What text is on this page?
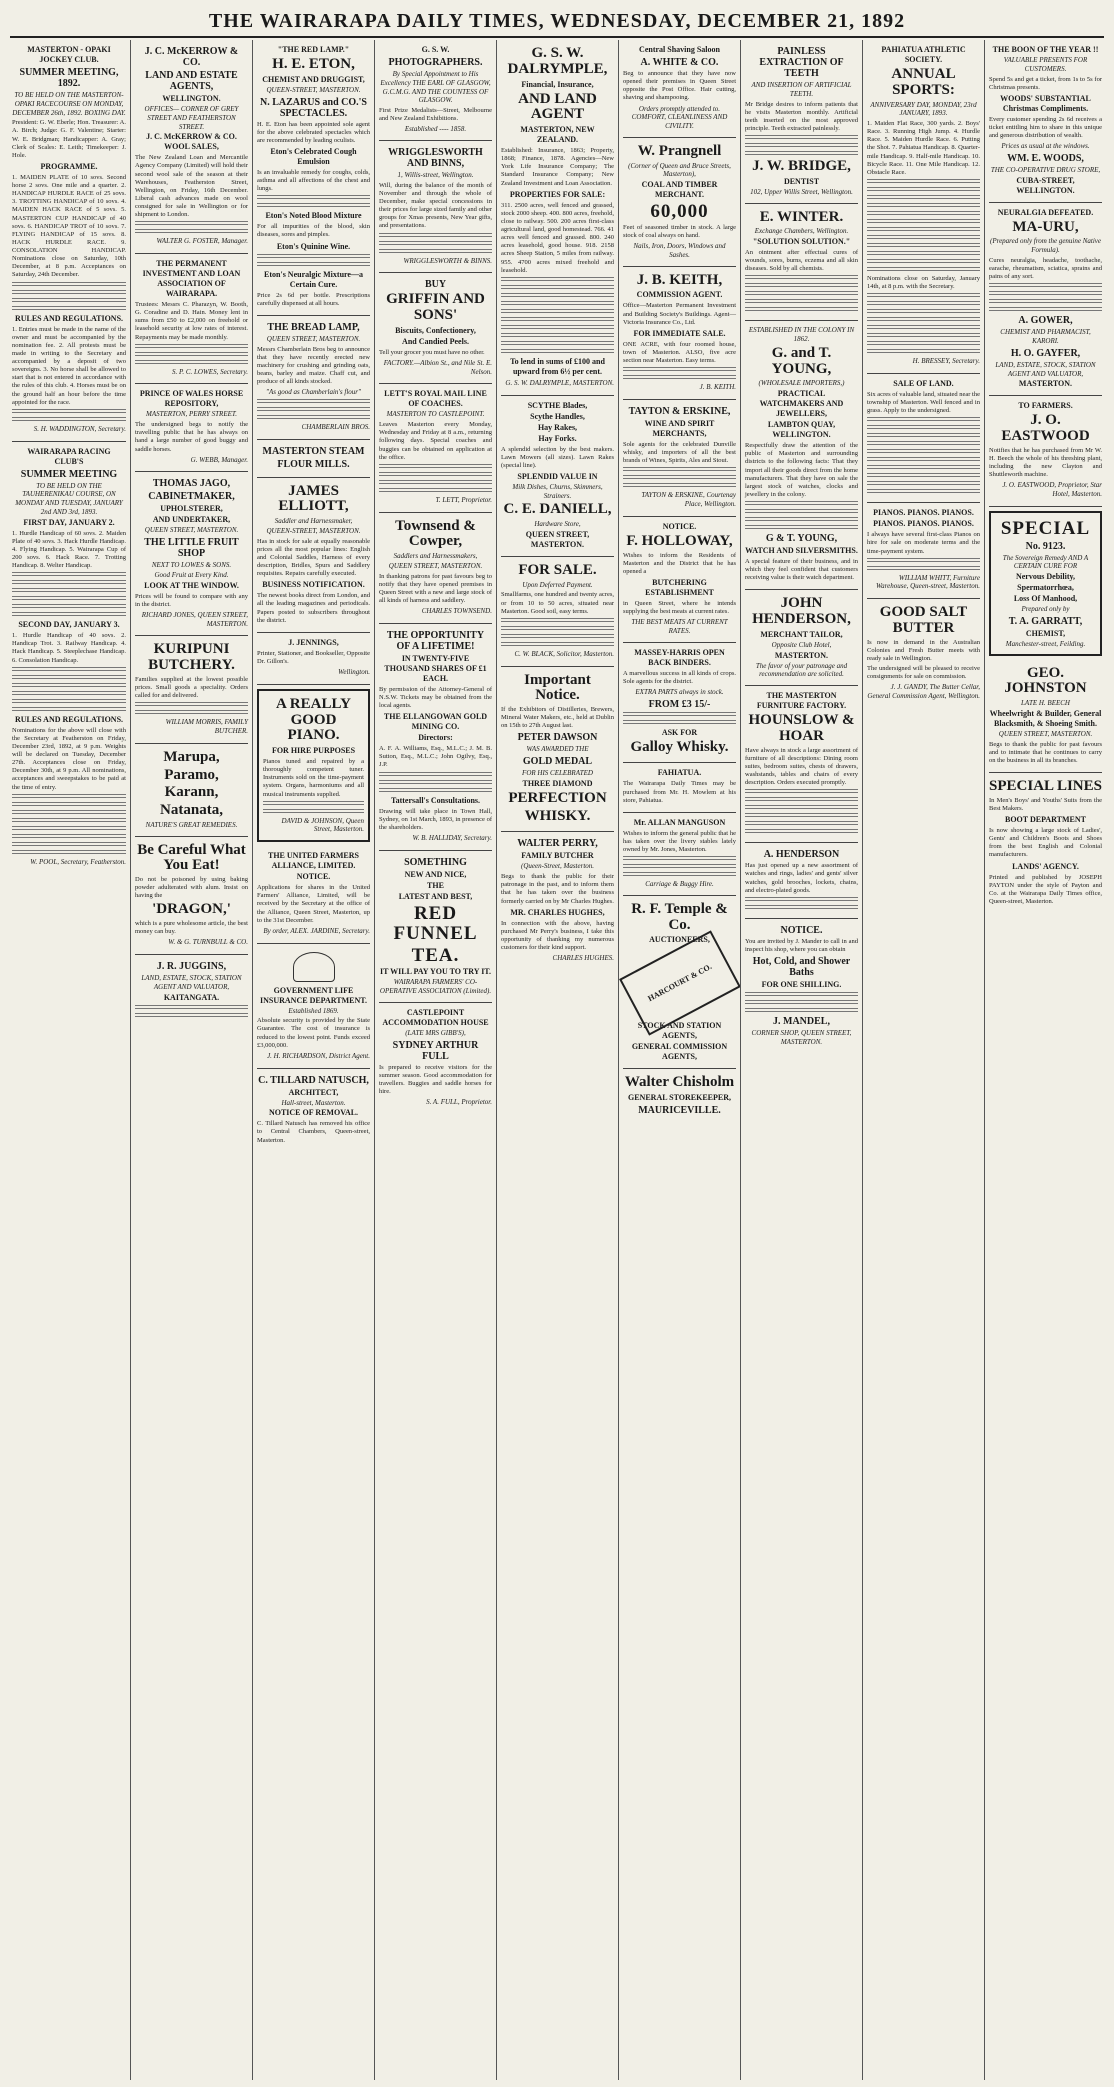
THE WAIRARAPA DAILY TIMES, WEDNESDAY, DECEMBER 21, 1892
MASTERTON - OPAKI JOCKEY CLUB.
SUMMER MEETING, 1892.
TO BE HELD ON THE MASTERTON-OPAKI RACECOURSE ON MONDAY, DECEMBER 26th, 1892. BOXING DAY.
President: G. W. Eberle; Hon. Treasurer: A. A. Birch; Judge: G. F. Valentine; Starter: W. E. Bridgman; Handicapper: A. Gray; Clerk of Scales: E. Leith; Timekeeper: J. Hole.
PROGRAMME.
1. MAIDEN PLATE of 10 sovs. Second horse 2 sovs. One mile and a quarter. 2. HANDICAP HURDLE RACE of 25 sovs. 3. TROTTING HANDICAP of 10 sovs. 4. MAIDEN HACK RACE of 5 sovs. 5. MASTERTON CUP HANDICAP of 40 sovs. 6. HANDICAP TROT of 10 sovs. 7. FLYING HANDICAP of 15 sovs. 8. HACK HURDLE RACE. 9. CONSOLATION HANDICAP. Nominations close on Saturday, 10th December, at 8 p.m. Acceptances on Saturday, 24th December.
RULES AND REGULATIONS.
1. Entries must be made in the name of the owner and must be accompanied by the nomination fee. 2. All protests must be made in writing to the Secretary and accompanied by a deposit of two sovereigns. 3. No horse shall be allowed to start that is not entered in accordance with the rules of this club. 4. Horses must be on the ground half an hour before the time appointed for the race.
S. H. WADDINGTON, Secretary.
WAIRARAPA RACING CLUB'S
SUMMER MEETING
TO BE HELD ON THE TAUHERENIKAU COURSE, ON MONDAY AND TUESDAY, JANUARY 2nd AND 3rd, 1893.
FIRST DAY, JANUARY 2.
1. Hurdle Handicap of 60 sovs. 2. Maiden Plate of 40 sovs. 3. Hack Hurdle Handicap. 4. Flying Handicap. 5. Wairarapa Cup of 200 sovs. 6. Hack Race. 7. Trotting Handicap. 8. Welter Handicap.
SECOND DAY, JANUARY 3.
1. Hurdle Handicap of 40 sovs. 2. Handicap Trot. 3. Railway Handicap. 4. Hack Handicap. 5. Steeplechase Handicap. 6. Consolation Handicap.
RULES AND REGULATIONS.
Nominations for the above will close with the Secretary at Featherston on Friday, December 23rd, 1892, at 9 p.m. Weights will be declared on Tuesday, December 27th. Acceptances close on Friday, December 30th, at 9 p.m. All nominations, acceptances and sweepstakes to be paid at the time of entry.
W. POOL, Secretary, Featherston.
J. C. McKERROW & CO.
LAND AND ESTATE AGENTS,
WELLINGTON.
OFFICES— CORNER OF GREY STREET AND FEATHERSTON STREET.
J. C. McKERROW & CO. WOOL SALES,
The New Zealand Loan and Mercantile Agency Company (Limited) will hold their second wool sale of the season at their Warehouses, Featherston Street, Wellington, on Friday, 16th December. Liberal cash advances made on wool consigned for sale in Wellington or for shipment to London.
WALTER G. FOSTER, Manager.
THE PERMANENT INVESTMENT AND LOAN ASSOCIATION OF WAIRARAPA.
Trustees: Messrs C. Pharazyn, W. Booth, G. Coradine and D. Hain. Money lent in sums from £50 to £2,000 on freehold or leasehold security at low rates of interest. Repayments may be made monthly.
S. P. C. LOWES, Secretary.
PRINCE OF WALES HORSE REPOSITORY,
MASTERTON, PERRY STREET.
The undersigned begs to notify the travelling public that he has always on hand a large number of good buggy and saddle horses.
G. WEBB, Manager.
THOMAS JAGO,
CABINETMAKER,
UPHOLSTERER,
AND UNDERTAKER,
QUEEN STREET, MASTERTON.
THE LITTLE FRUIT SHOP
NEXT TO LOWES & SONS.
Good Fruit at Every Kind.
LOOK AT THE WINDOW.
Prices will be found to compare with any in the district.
RICHARD JONES, QUEEN STREET, MASTERTON.
KURIPUNI BUTCHERY.
Families supplied at the lowest possible prices. Small goods a speciality. Orders called for and delivered.
WILLIAM MORRIS, FAMILY BUTCHER.
Marupa,
Paramo,
Karann,
Natanata,
NATURE'S GREAT REMEDIES.
Be Careful What You Eat!
Do not be poisoned by using baking powder adulterated with alum. Insist on having the
'DRAGON,'
which is a pure wholesome article, the best money can buy.
W. & G. TURNBULL & CO.
J. R. JUGGINS,
LAND, ESTATE, STOCK, STATION AGENT AND VALUATOR,
KAITANGATA.
"THE RED LAMP."
H. E. ETON,
CHEMIST AND DRUGGIST,
QUEEN-STREET, MASTERTON.
N. LAZARUS and CO.'S SPECTACLES.
H. E. Eton has been appointed sole agent for the above celebrated spectacles which are recommended by leading oculists.
Eton's Celebrated Cough Emulsion
Is an invaluable remedy for coughs, colds, asthma and all affections of the chest and lungs.
Eton's Noted Blood Mixture
For all impurities of the blood, skin diseases, sores and pimples.
Eton's Quinine Wine.
Eton's Neuralgic Mixture—a Certain Cure.
Price 2s 6d per bottle. Prescriptions carefully dispensed at all hours.
THE BREAD LAMP,
QUEEN STREET, MASTERTON.
Messrs Chamberlain Bros beg to announce that they have recently erected new machinery for crushing and grinding oats, beans, barley and maize. Chaff cut, and produce of all kinds stocked.
"As good as Chamberlain's flour"
CHAMBERLAIN BROS.
MASTERTON STEAM
FLOUR MILLS.
JAMES ELLIOTT,
Saddler and Harnessmaker,
QUEEN-STREET, MASTERTON.
Has in stock for sale at equally reasonable prices all the most popular lines: English and Colonial Saddles, Harness of every description, Bridles, Spurs and Saddlery requisites. Repairs carefully executed.
BUSINESS NOTIFICATION.
The newest books direct from London, and all the leading magazines and periodicals. Papers posted to subscribers throughout the district.
J. JENNINGS,
Printer, Stationer, and Bookseller, Opposite Dr. Gillon's.
Wellington.
A REALLY GOOD PIANO.
FOR HIRE PURPOSES
Pianos tuned and repaired by a thoroughly competent tuner. Instruments sold on the time-payment system. Organs, harmoniums and all musical instruments supplied.
DAVID & JOHNSON, Queen Street, Masterton.
THE UNITED FARMERS ALLIANCE, LIMITED.
NOTICE.
Applications for shares in the United Farmers' Alliance, Limited, will be received by the Secretary at the office of the Alliance, Queen Street, Masterton, up to the 31st December.
By order, ALEX. JARDINE, Secretary.
GOVERNMENT LIFE INSURANCE DEPARTMENT.
Established 1869.
Absolute security is provided by the State Guarantee. The cost of insurance is reduced to the lowest point. Funds exceed £3,000,000.
J. H. RICHARDSON, District Agent.
C. TILLARD NATUSCH,
ARCHITECT,
Hall-street, Masterton.
NOTICE OF REMOVAL.
C. Tillard Natusch has removed his office to Central Chambers, Queen-street, Masterton.
G. S. W.
PHOTOGRAPHERS.
By Special Appointment to His Excellency THE EARL OF GLASGOW, G.C.M.G. AND THE COUNTESS OF GLASGOW.
First Prize Medalists—Street, Melbourne and New Zealand Exhibitions.
Established ---- 1858.
WRIGGLESWORTH AND BINNS,
1, Willis-street, Wellington.
Will, during the balance of the month of November and through the whole of December, make special concessions in their prices for large sized family and other groups for Xmas presents, New Year gifts, and presentations.
WRIGGLESWORTH & BINNS.
BUY
GRIFFIN AND SONS'
Biscuits, Confectionery,
And Candied Peels.
Tell your grocer you must have no other.
FACTORY.—Albion St., and Nile St. E. Nelson.
LETT'S ROYAL MAIL LINE OF COACHES.
MASTERTON TO CASTLEPOINT.
Leaves Masterton every Monday, Wednesday and Friday at 8 a.m., returning following days. Special coaches and buggies can be obtained on application at the office.
T. LETT, Proprietor.
Townsend & Cowper,
Saddlers and Harnessmakers,
QUEEN STREET, MASTERTON.
In thanking patrons for past favours beg to notify that they have opened premises in Queen Street with a new and large stock of all kinds of harness and saddlery.
CHARLES TOWNSEND.
THE OPPORTUNITY OF A LIFETIME!
IN TWENTY-FIVE THOUSAND SHARES OF £1 EACH.
By permission of the Attorney-General of N.S.W. Tickets may be obtained from the local agents.
THE ELLANGOWAN GOLD MINING CO.
Directors:
A. F. A. Williams, Esq., M.L.C.; J. M. B. Sutton, Esq., M.L.C.; John Ogilvy, Esq., J.P.
Tattersall's Consultations.
Drawing will take place in Town Hall, Sydney, on 1st March, 1893, in presence of the shareholders.
W. B. HALLIDAY, Secretary.
SOMETHING
NEW AND NICE,
THE
LATEST AND BEST,
RED FUNNEL
TEA.
IT WILL PAY YOU TO TRY IT.
WAIRARAPA FARMERS' CO-OPERATIVE ASSOCIATION (Limited).
CASTLEPOINT ACCOMMODATION HOUSE
(LATE MRS GIBB'S),
SYDNEY ARTHUR FULL
Is prepared to receive visitors for the summer season. Good accommodation for travellers. Buggies and saddle horses for hire.
S. A. FULL, Proprietor.
G. S. W. DALRYMPLE,
Financial, Insurance,
AND LAND AGENT
MASTERTON, NEW ZEALAND.
Established: Insurance, 1863; Property, 1868; Finance, 1878. Agencies—New York Life Insurance Company; The Standard Insurance Company; New Zealand Investment and Loan Association.
PROPERTIES FOR SALE:
311. 2500 acres, well fenced and grassed, stock 2000 sheep. 400. 800 acres, freehold, close to railway. 500. 200 acres first-class agricultural land, good homestead. 766. 41 acres well fenced and grassed. 800. 240 acres leasehold, good house. 918. 2158 acres Sheep Station, 5 miles from railway. 955. 4700 acres mixed freehold and leasehold.
To lend in sums of £100 and upward from 6½ per cent.
G. S. W. DALRYMPLE, MASTERTON.
SCYTHE Blades,
Scythe Handles,
Hay Rakes,
Hay Forks.
A splendid selection by the best makers. Lawn Mowers (all sizes). Lawn Rakes (special line).
SPLENDID VALUE IN
Milk Dishes, Churns, Skimmers, Strainers.
C. E. DANIELL,
Hardware Store,
QUEEN STREET, MASTERTON.
FOR SALE.
Upon Deferred Payment.
Smallfarms, one hundred and twenty acres, or from 10 to 50 acres, situated near Masterton. Good soil, easy terms.
C. W. BLACK, Solicitor, Masterton.
Important Notice.
If the Exhibitors of Distilleries, Brewers, Mineral Water Makers, etc., held at Dublin on 15th to 27th August last.
PETER DAWSON
WAS AWARDED THE
GOLD MEDAL
FOR HIS CELEBRATED
THREE DIAMOND
PERFECTION
WHISKY.
WALTER PERRY,
FAMILY BUTCHER
(Queen-Street, Masterton.
Begs to thank the public for their patronage in the past, and to inform them that he has taken over the business formerly carried on by Mr Charles Hughes.
MR. CHARLES HUGHES,
In connection with the above, having purchased Mr Perry's business, I take this opportunity of thanking my numerous customers for their kind support.
CHARLES HUGHES.
Central Shaving Saloon
A. WHITE & CO.
Beg to announce that they have now opened their premises in Queen Street opposite the Post Office. Hair cutting, shaving and shampooing.
Orders promptly attended to. COMFORT, CLEANLINESS AND CIVILITY.
W. Prangnell
(Corner of Queen and Bruce Streets, Masterton),
COAL AND TIMBER MERCHANT.
60,000
Feet of seasoned timber in stock. A large stock of coal always on hand.
Nails, Iron, Doors, Windows and Sashes.
J. B. KEITH,
COMMISSION AGENT.
Office—Masterton Permanent Investment and Building Society's Buildings. Agent—Victoria Insurance Co., Ltd.
FOR IMMEDIATE SALE.
ONE ACRE, with four roomed house, town of Masterton. ALSO, five acre section near Masterton. Easy terms.
J. B. KEITH.
TAYTON & ERSKINE,
WINE AND SPIRIT MERCHANTS,
Sole agents for the celebrated Dunville whisky, and importers of all the best brands of Wines, Spirits, Ales and Stout.
TAYTON & ERSKINE, Courtenay Place, Wellington.
NOTICE.
F. HOLLOWAY,
Wishes to inform the Residents of Masterton and the District that he has opened a
BUTCHERING ESTABLISHMENT
in Queen Street, where he intends supplying the best meats at current rates.
THE BEST MEATS AT CURRENT RATES.
MASSEY-HARRIS OPEN BACK BINDERS.
A marvellous success in all kinds of crops. Sole agents for the district.
EXTRA PARTS always in stock.
FROM £3 15/-
ASK FOR
Galloy Whisky.
FAHIATUA.
The Wairarapa Daily Times may be purchased from Mr. H. Mowlem at his store, Pahiatua.
Mr. ALLAN MANGUSON
Wishes to inform the general public that he has taken over the livery stables lately owned by Mr. Jones, Masterton.
Carriage & Buggy Hire.
R. F. Temple & Co.
AUCTIONEERS,
HARCOURT & CO.
STOCK AND STATION AGENTS,
GENERAL COMMISSION AGENTS,
Walter Chisholm
GENERAL STOREKEEPER,
MAURICEVILLE.
PAINLESS EXTRACTION OF TEETH
AND INSERTION OF ARTIFICIAL TEETH.
Mr Bridge desires to inform patients that he visits Masterton monthly. Artificial teeth inserted on the most approved principle. Teeth extracted painlessly.
J. W. BRIDGE,
DENTIST
102, Upper Willis Street, Wellington.
E. WINTER.
Exchange Chambers, Wellington.
"SOLUTION SOLUTION."
An ointment after effectual cures of wounds, sores, burns, eczema and all skin diseases. Sold by all chemists.
ESTABLISHED IN THE COLONY IN 1862.
G. and T. YOUNG,
(WHOLESALE IMPORTERS,)
PRACTICAL WATCHMAKERS AND JEWELLERS,
LAMBTON QUAY, WELLINGTON.
Respectfully draw the attention of the public of Masterton and surrounding districts to the following facts: That they import all their goods direct from the home manufacturers. That they have on sale the largest stock of watches, clocks and jewellery in the colony.
G & T. YOUNG,
WATCH AND SILVERSMITHS.
A special feature of their business, and in which they feel confident that customers receiving value is their watch department.
JOHN HENDERSON,
MERCHANT TAILOR,
Opposite Club Hotel,
MASTERTON.
The favor of your patronage and recommendation are solicited.
THE MASTERTON FURNITURE FACTORY.
HOUNSLOW & HOAR
Have always in stock a large assortment of furniture of all descriptions: Dining room suites, bedroom suites, chests of drawers, washstands, tables and chairs of every description. Orders executed promptly.
A. HENDERSON
Has just opened up a new assortment of watches and rings, ladies' and gents' silver watches, gold brooches, lockets, chains, and electro-plated goods.
NOTICE.
You are invited by J. Mander to call in and inspect his shop, where you can obtain
Hot, Cold, and Shower Baths
FOR ONE SHILLING.
J. MANDEL,
CORNER SHOP, QUEEN STREET, MASTERTON.
PAHIATUA ATHLETIC SOCIETY.
ANNUAL SPORTS:
ANNIVERSARY DAY, MONDAY, 23rd JANUARY, 1893.
1. Maiden Flat Race, 300 yards. 2. Boys' Race. 3. Running High Jump. 4. Hurdle Race. 5. Maiden Hurdle Race. 6. Putting the Shot. 7. Pahiatua Handicap. 8. Quarter-mile Handicap. 9. Half-mile Handicap. 10. Bicycle Race. 11. One Mile Handicap. 12. Obstacle Race.
Nominations close on Saturday, January 14th, at 8 p.m. with the Secretary.
H. BRESSEY, Secretary.
SALE OF LAND.
Six acres of valuable land, situated near the township of Masterton. Well fenced and in grass. Apply to the undersigned.
PIANOS. PIANOS. PIANOS.
PIANOS. PIANOS. PIANOS.
I always have several first-class Pianos on hire for sale on moderate terms and the time-payment system.
WILLIAM WHITT, Furniture Warehouse, Queen-street, Masterton.
GOOD SALT BUTTER
Is now in demand in the Australian Colonies and Fresh Butter meets with ready sale in Wellington.
The undersigned will be pleased to receive consignments for sale on commission.
J. J. GANDY, The Butter Cellar, General Commission Agent, Wellington.
THE BOON OF THE YEAR !!
VALUABLE PRESENTS FOR CUSTOMERS.
Spend 5s and get a ticket, from 1s to 5s for Christmas presents.
WOODS' SUBSTANTIAL Christmas Compliments.
Every customer spending 2s 6d receives a ticket entitling him to share in this unique and generous distribution of wealth.
Prices as usual at the windows.
WM. E. WOODS,
THE CO-OPERATIVE DRUG STORE,
CUBA-STREET, WELLINGTON.
NEURALGIA DEFEATED.
MA-URU,
(Prepared only from the genuine Native Formula).
Cures neuralgia, headache, toothache, earache, rheumatism, sciatica, sprains and pains of any sort.
A. GOWER,
CHEMIST AND PHARMACIST, KARORI.
H. O. GAYFER,
LAND, ESTATE, STOCK, STATION AGENT AND VALUATOR,
MASTERTON.
TO FARMERS.
J. O. EASTWOOD
Notifies that he has purchased from Mr W. H. Beech the whole of his threshing plant, including the new Clayton and Shuttleworth machine.
J. O. EASTWOOD, Proprietor, Star Hotel, Masterton.
SPECIAL
No. 9123.
The Sovereign Remedy AND A CERTAIN CURE FOR
Nervous Debility,
Spermatorrhœa,
Loss Of Manhood,
Prepared only by
T. A. GARRATT,
CHEMIST,
Manchester-street, Feilding.
GEO. JOHNSTON
LATE H. BEECH
Wheelwright & Builder, General Blacksmith, & Shoeing Smith.
QUEEN STREET, MASTERTON.
Begs to thank the public for past favours and to intimate that he continues to carry on the business in all its branches.
SPECIAL LINES
In Men's Boys' and Youths' Suits from the Best Makers.
BOOT DEPARTMENT
Is now showing a large stock of Ladies', Gents' and Children's Boots and Shoes from the best English and Colonial manufacturers.
LANDS' AGENCY.
Printed and published by JOSEPH PAYTON under the style of Payton and Co. at the Wairarapa Daily Times office, Queen-street, Masterton.
